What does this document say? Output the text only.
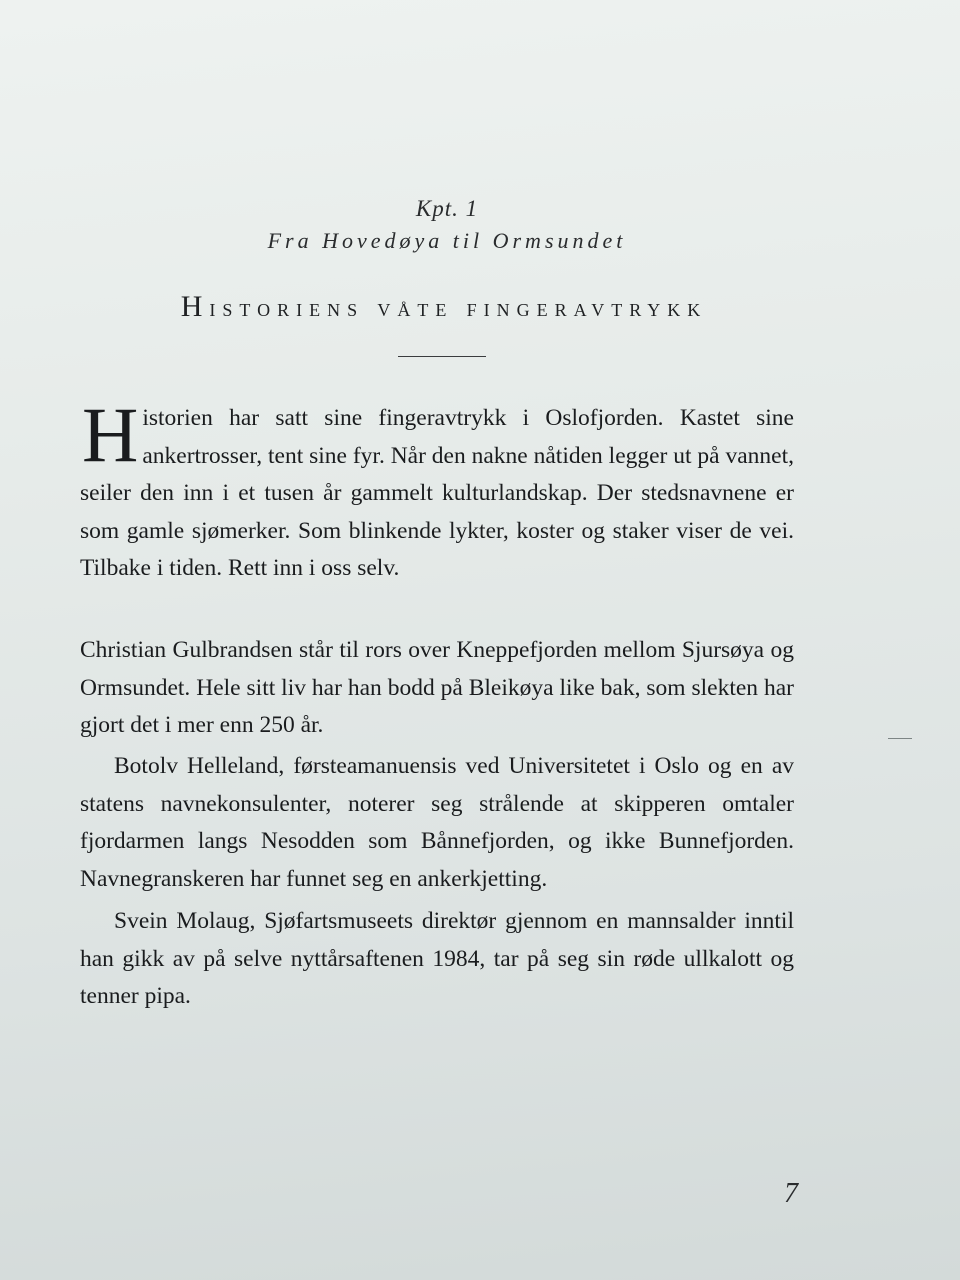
Kpt. 1
Fra Hovedøya til Ormsundet
Historiens våte fingeravtrykk
Historien har satt sine fingeravtrykk i Oslofjorden. Kastet sine ankertrosser, tent sine fyr. Når den nakne nåtiden legger ut på vannet, seiler den inn i et tusen år gammelt kulturlandskap. Der stedsnavnene er som gamle sjømerker. Som blinkende lykter, koster og staker viser de vei. Tilbake i tiden. Rett inn i oss selv.
Christian Gulbrandsen står til rors over Kneppefjorden mellom Sjursøya og Ormsundet. Hele sitt liv har han bodd på Bleikøya like bak, som slekten har gjort det i mer enn 250 år.
Botolv Helleland, førsteamanuensis ved Universitetet i Oslo og en av statens navnekonsulenter, noterer seg strålende at skipperen omtaler fjordarmen langs Nesodden som Bånnefjorden, og ikke Bunnefjorden. Navnegranskeren har funnet seg en ankerkjetting.
Svein Molaug, Sjøfartsmuseets direktør gjennom en mannsalder inntil han gikk av på selve nyttårsaftenen 1984, tar på seg sin røde ullkalott og tenner pipa.
7
